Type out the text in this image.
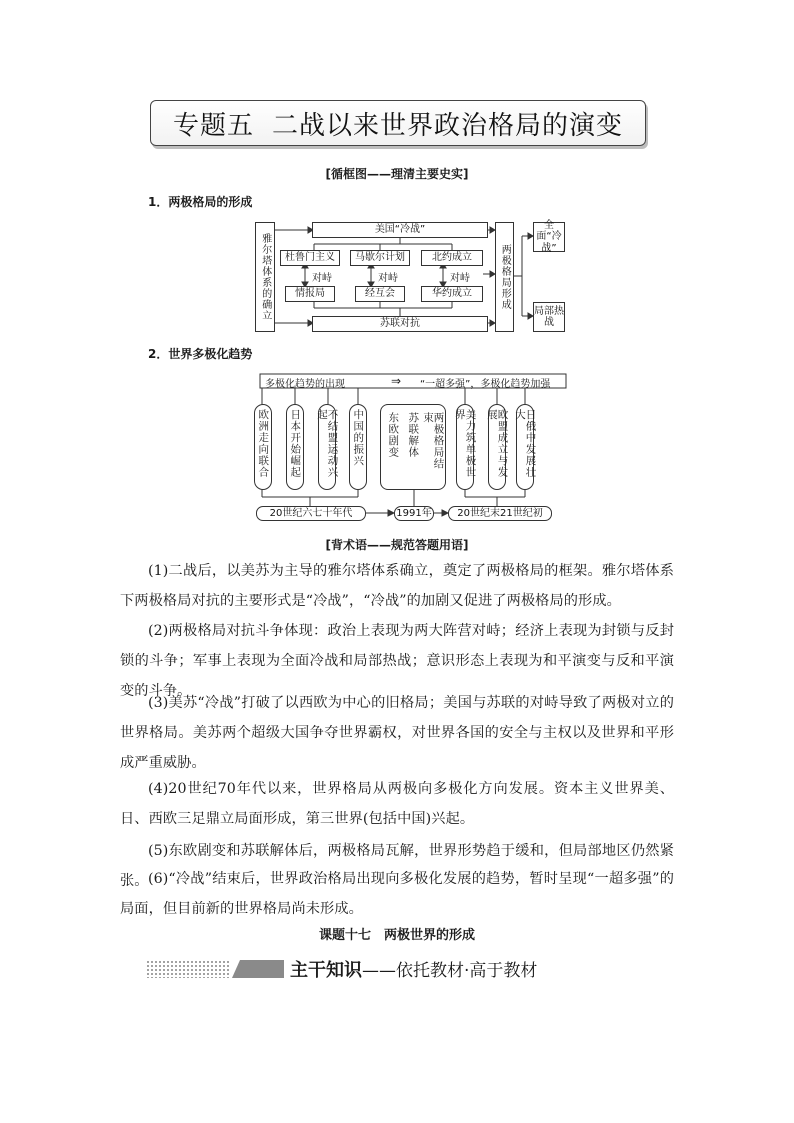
专题五 二战以来世界政治格局的演变
[循框图——理清主要史实]
1．两极格局的形成
雅尔塔体系的确立
美国“冷战”
苏联对抗
杜鲁门主义	马歇尔计划	北约成立
对峙	对峙	对峙
情报局	经互会	华约成立	两极格局形成
全面“冷战”
局部热战
2．世界多极化趋势
多极化趋势的出现	⇒ “一超多强”，多极化趋势加强
欧洲走向联合 日本开始崛起	不结盟运动兴起	中国的振兴 东欧剧变 苏联解体	两极格局结束	美力筑单极世界	欧盟成立与发展	日俄中发展壮大
20世纪六七十年代	1991年	20世纪末21世纪初
[背术语——规范答题用语]
(1)二战后，以美苏为主导的雅尔塔体系确立，奠定了两极格局的框架。雅尔塔体系下两极格局对抗的主要形式是“冷战”，“冷战”的加剧又促进了两极格局的形成。
(2)两极格局对抗斗争体现：政治上表现为两大阵营对峙；经济上表现为封锁与反封锁的斗争；军事上表现为全面冷战和局部热战；意识形态上表现为和平演变与反和平演变的斗争。
(3)美苏“冷战”打破了以西欧为中心的旧格局；美国与苏联的对峙导致了两极对立的世界格局。美苏两个超级大国争夺世界霸权，对世界各国的安全与主权以及世界和平形成严重威胁。
(4)20世纪70年代以来，世界格局从两极向多极化方向发展。资本主义世界美、日、西欧三足鼎立局面形成，第三世界(包括中国)兴起。
(5)东欧剧变和苏联解体后，两极格局瓦解，世界形势趋于缓和，但局部地区仍然紧张。 (6)“冷战”结束后，世界政治格局出现向多极化发展的趋势，暂时呈现“一超多强”的局面，但目前新的世界格局尚未形成。
课题十七　两极世界的形成
主干知识——依托教材·高于教材
